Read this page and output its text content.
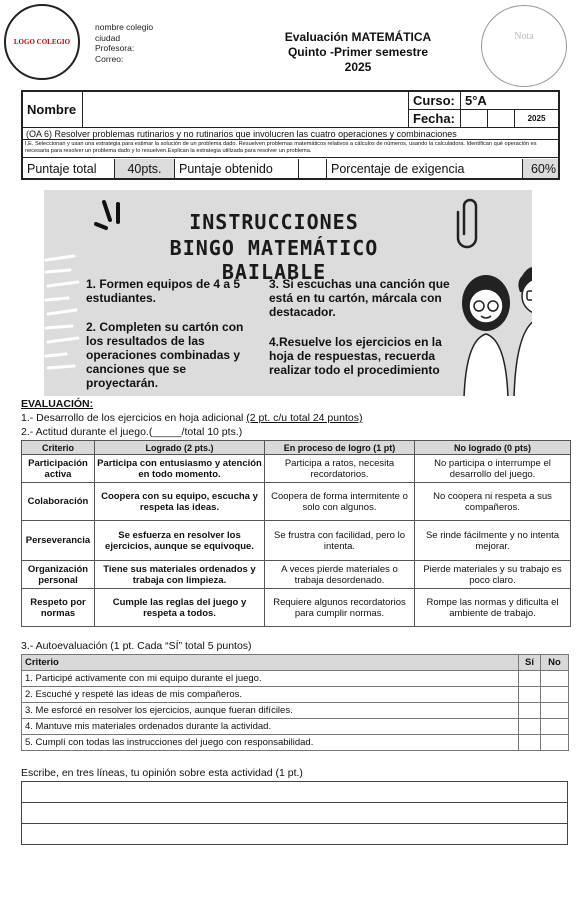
LOGO COLEGIO
nombre colegio
ciudad
Profesora:
Correo:
Evaluación MATEMÁTICA
Quinto -Primer semestre
2025
Nota
Nombre
Curso: 5°A
Fecha:	2025
(OA 6) Resolver problemas rutinarios y no rutinarios que involucren las cuatro operaciones y combinaciones
I.E. Seleccionan y usan una estrategia para estimar la solución de un problema dado. Resuelven problemas matemáticos relativos a cálculos de números, usando la calculadora. Identifican qué operación es necesaria para resolver un problema dado y lo resuelven.Explican la estrategia utilizada para resolver un problema.
Puntaje total	40pts.	Puntaje obtenido	Porcentaje de exigencia	60%
INSTRUCCIONES
BINGO MATEMÁTICO BAILABLE
1. Formen equipos de 4 a 5 estudiantes.
2. Completen su cartón con los resultados de las operaciones combinadas y canciones que se proyectarán.
3. Si escuchas una canción que está en tu cartón, márcala con destacador.
4.Resuelve los ejercicios en la hoja de respuestas, recuerda realizar todo el procedimiento
EVALUACIÓN:
1.- Desarrollo de los ejercicios en hoja adicional (2 pt. c/u total 24 puntos)
2.- Actitud durante el juego.(_____/total 10 pts.)
Criterio	Logrado (2 pts.)	En proceso de logro (1 pt)	No logrado (0 pts)
Participación activa	Participa con entusiasmo y atención en todo momento.	Participa a ratos, necesita recordatorios.	No participa o interrumpe el desarrollo del juego.
Colaboración	Coopera con su equipo, escucha y respeta las ideas.	Coopera de forma intermitente o solo con algunos.	No coopera ni respeta a sus compañeros.
Perseverancia	Se esfuerza en resolver los ejercicios, aunque se equivoque.	Se frustra con facilidad, pero lo intenta.	Se rinde fácilmente y no intenta mejorar.
Organización personal	Tiene sus materiales ordenados y trabaja con limpieza.	A veces pierde materiales o trabaja desordenado.	Pierde materiales y su trabajo es poco claro.
Respeto por normas	Cumple las reglas del juego y respeta a todos.	Requiere algunos recordatorios para cumplir normas.	Rompe las normas y dificulta el ambiente de trabajo.
3.- Autoevaluación (1 pt. Cada “SÍ” total 5 puntos)
Criterio	Sí	No
1. Participé activamente con mi equipo durante el juego.		
2. Escuché y respeté las ideas de mis compañeros.		
3. Me esforcé en resolver los ejercicios, aunque fueran difíciles.		
4. Mantuve mis materiales ordenados durante la actividad.		
5. Cumplí con todas las instrucciones del juego con responsabilidad.		
Escribe, en tres líneas, tu opinión sobre esta actividad (1 pt.)
